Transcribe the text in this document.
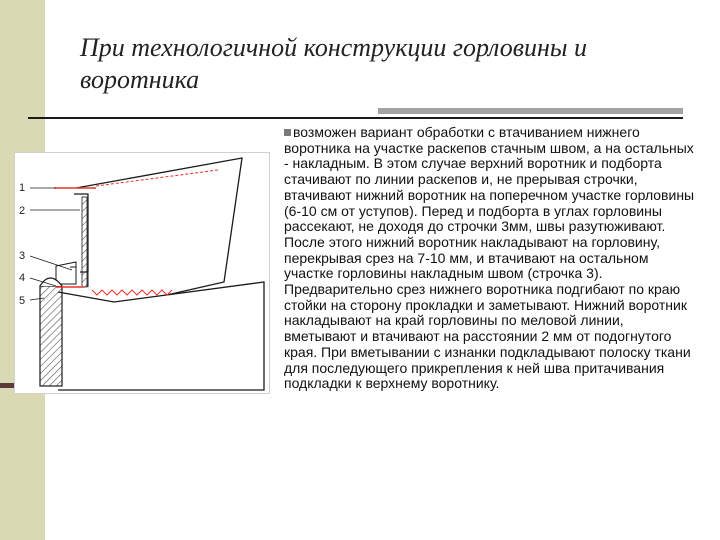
При технологичной конструкции горловины и воротника

возможен вариант обработки с втачиванием нижнего воротника на участке раскепов стачным швом, а на остальных - накладным. В этом случае верхний воротник и подборта стачивают по линии раскепов и, не прерывая строчки, втачивают нижний воротник на поперечном участке горловины (6-10 см от уступов). Перед и подборта в углах горловины рассекают, не доходя до строчки 3мм, швы разутюживают. После этого нижний воротник накладывают на горловину, перекрывая срез на 7-10 мм, и втачивают на остальном участке горловины накладным швом (строчка 3). Предварительно срез нижнего воротника подгибают по краю стойки на сторону прокладки и заметывают. Нижний воротник накладывают на край горловины по меловой линии, вметывают и втачивают на расстоянии 2 мм от подогнутого края. При вметывании с изнанки подкладывают полоску ткани для последующего прикрепления к ней шва притачивания подкладки к верхнему воротнику.

1
2
3
4
5
